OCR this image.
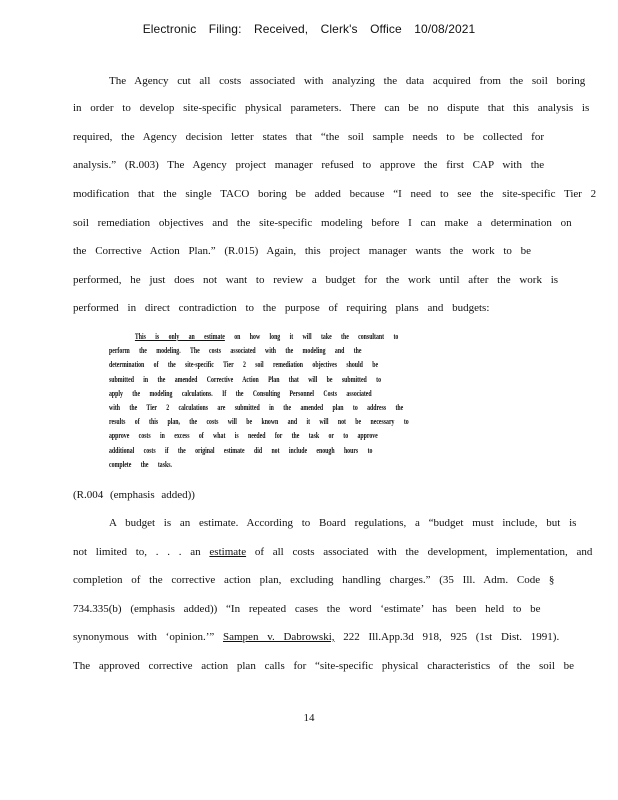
Electronic Filing: Received, Clerk's Office 10/08/2021
The Agency cut all costs associated with analyzing the data acquired from the soil boring
in order to develop site-specific physical parameters. There can be no dispute that this analysis is
required, the Agency decision letter states that “the soil sample needs to be collected for
analysis.” (R.003) The Agency project manager refused to approve the first CAP with the
modification that the single TACO boring be added because “I need to see the site-specific Tier 2
soil remediation objectives and the site-specific modeling before I can make a determination on
the Corrective Action Plan.” (R.015) Again, this project manager wants the work to be
performed, he just does not want to review a budget for the work until after the work is
performed in direct contradiction to the purpose of requiring plans and budgets:
This is only an estimate on how long it will take the consultant to
perform the modeling. The costs associated with the modeling and the
determination of the site-specific Tier 2 soil remediation objectives should be
submitted in the amended Corrective Action Plan that will be submitted to
apply the modeling calculations. If the Consulting Personnel Costs associated
with the Tier 2 calculations are submitted in the amended plan to address the
results of this plan, the costs will be known and it will not be necessary to
approve costs in excess of what is needed for the task or to approve
additional costs if the original estimate did not include enough hours to
complete the tasks.
(R.004 (emphasis added))
A budget is an estimate. According to Board regulations, a “budget must include, but is
not limited to, . . . an estimate of all costs associated with the development, implementation, and
completion of the corrective action plan, excluding handling charges.” (35 Ill. Adm. Code §
734.335(b) (emphasis added)) “In repeated cases the word ‘estimate’ has been held to be
synonymous with ‘opinion.’” Sampen v. Dabrowski, 222 Ill.App.3d 918, 925 (1st Dist. 1991).
The approved corrective action plan calls for “site-specific physical characteristics of the soil be
14
